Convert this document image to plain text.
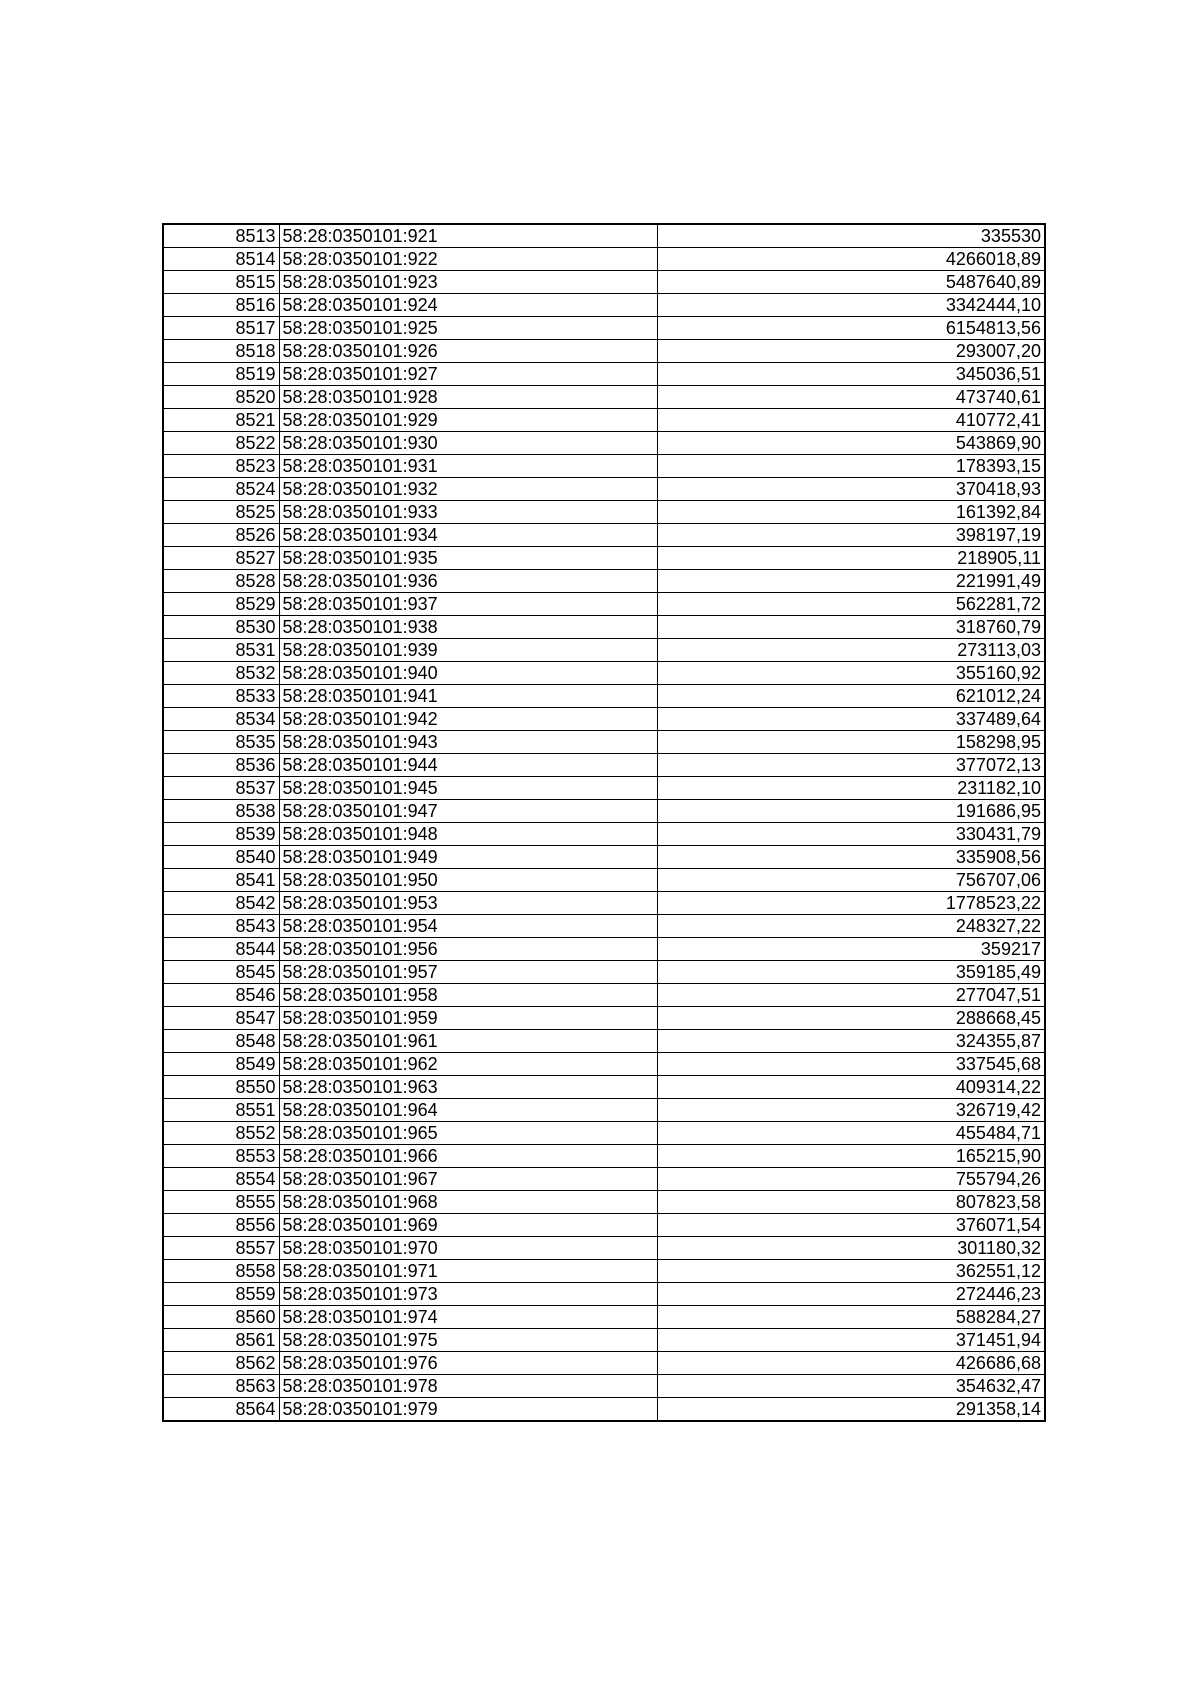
8513	58:28:0350101:921	335530
8514	58:28:0350101:922	4266018,89
8515	58:28:0350101:923	5487640,89
8516	58:28:0350101:924	3342444,10
8517	58:28:0350101:925	6154813,56
8518	58:28:0350101:926	293007,20
8519	58:28:0350101:927	345036,51
8520	58:28:0350101:928	473740,61
8521	58:28:0350101:929	410772,41
8522	58:28:0350101:930	543869,90
8523	58:28:0350101:931	178393,15
8524	58:28:0350101:932	370418,93
8525	58:28:0350101:933	161392,84
8526	58:28:0350101:934	398197,19
8527	58:28:0350101:935	218905,11
8528	58:28:0350101:936	221991,49
8529	58:28:0350101:937	562281,72
8530	58:28:0350101:938	318760,79
8531	58:28:0350101:939	273113,03
8532	58:28:0350101:940	355160,92
8533	58:28:0350101:941	621012,24
8534	58:28:0350101:942	337489,64
8535	58:28:0350101:943	158298,95
8536	58:28:0350101:944	377072,13
8537	58:28:0350101:945	231182,10
8538	58:28:0350101:947	191686,95
8539	58:28:0350101:948	330431,79
8540	58:28:0350101:949	335908,56
8541	58:28:0350101:950	756707,06
8542	58:28:0350101:953	1778523,22
8543	58:28:0350101:954	248327,22
8544	58:28:0350101:956	359217
8545	58:28:0350101:957	359185,49
8546	58:28:0350101:958	277047,51
8547	58:28:0350101:959	288668,45
8548	58:28:0350101:961	324355,87
8549	58:28:0350101:962	337545,68
8550	58:28:0350101:963	409314,22
8551	58:28:0350101:964	326719,42
8552	58:28:0350101:965	455484,71
8553	58:28:0350101:966	165215,90
8554	58:28:0350101:967	755794,26
8555	58:28:0350101:968	807823,58
8556	58:28:0350101:969	376071,54
8557	58:28:0350101:970	301180,32
8558	58:28:0350101:971	362551,12
8559	58:28:0350101:973	272446,23
8560	58:28:0350101:974	588284,27
8561	58:28:0350101:975	371451,94
8562	58:28:0350101:976	426686,68
8563	58:28:0350101:978	354632,47
8564	58:28:0350101:979	291358,14
